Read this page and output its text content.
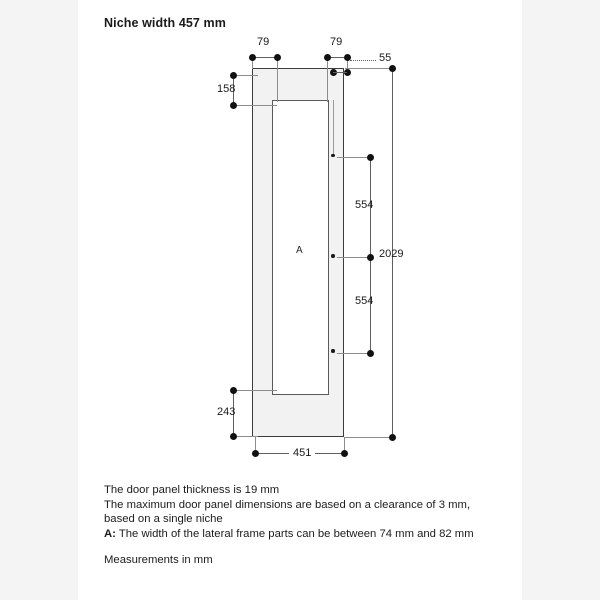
Niche width 457 mm
A
79	79
55
158
243
554
554
2029
451
The door panel thickness is 19 mm
The maximum door panel dimensions are based on a clearance of 3 mm,
based on a single niche
A: The width of the lateral frame parts can be between 74 mm and 82 mm
Measurements in mm
